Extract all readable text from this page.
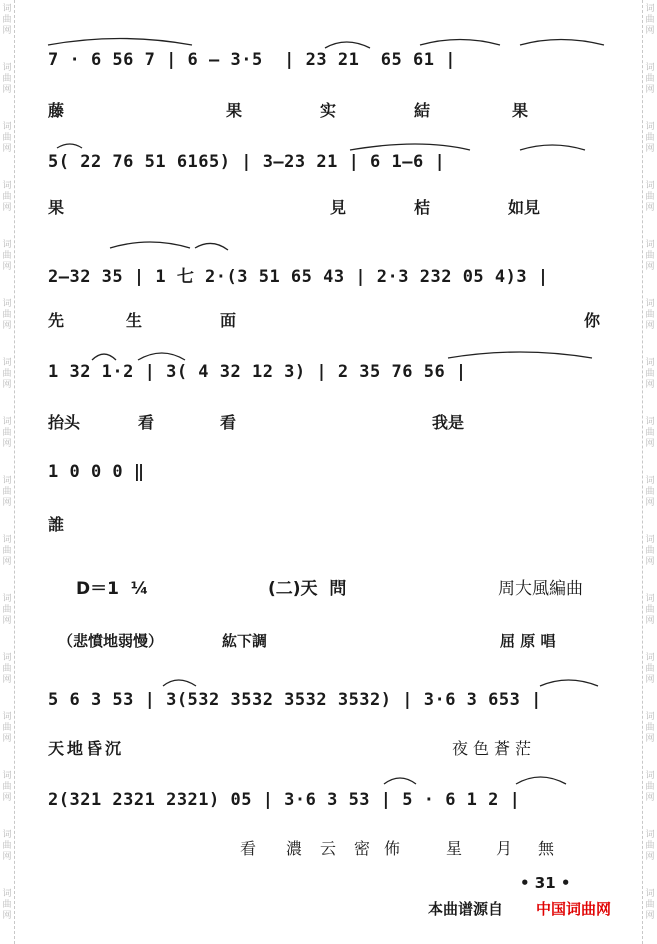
词
曲
网
词
曲
网
词
曲
网
词
曲
网
词
曲
网
词
曲
网
词
曲
网
词
曲
网
词
曲
网
词
曲
网
词
曲
网
词
曲
网
词
曲
网
词
曲
网
词
曲
网
词
曲
网
词
曲
网
词
曲
网
词
曲
网
词
曲
网
词
曲
网
词
曲
网
词
曲
网
词
曲
网
词
曲
网
词
曲
网
词
曲
网
词
曲
网
词
曲
网
词
曲
网
词
曲
网
词
曲
网
7 · 6 56 7 | 6 — 3·5  | 23 21  65 61 |
藤	果	实	結	果
5( 22 76 51 6165) | 3—23 21 | 6 1—6 |
果	見	桔	如見
2—32 35 | 1 七 2·(3 51 65 43 | 2·3 232 05 4)3 |
先	生	面	你
1 32 1·2 | 3( 4 32 12 3) | 2 35 76 56 |
抬头	看	看	我是
1 0 0 0 ‖
誰
D＝1  ¼	(二)天  問	周大風編曲
（悲憤地弱慢）	紘下調	屈 原 唱
5 6 3 53 | 3(532 3532 3532 3532) | 3·6 3 653 |
天地昏沉	夜色蒼茫
2(321 2321 2321) 05 | 3·6 3 53 | 5 · 6 1 2 |
看 濃 云 密 佈	星 月 無
• 31 •
本曲谱源自 中国词曲网
